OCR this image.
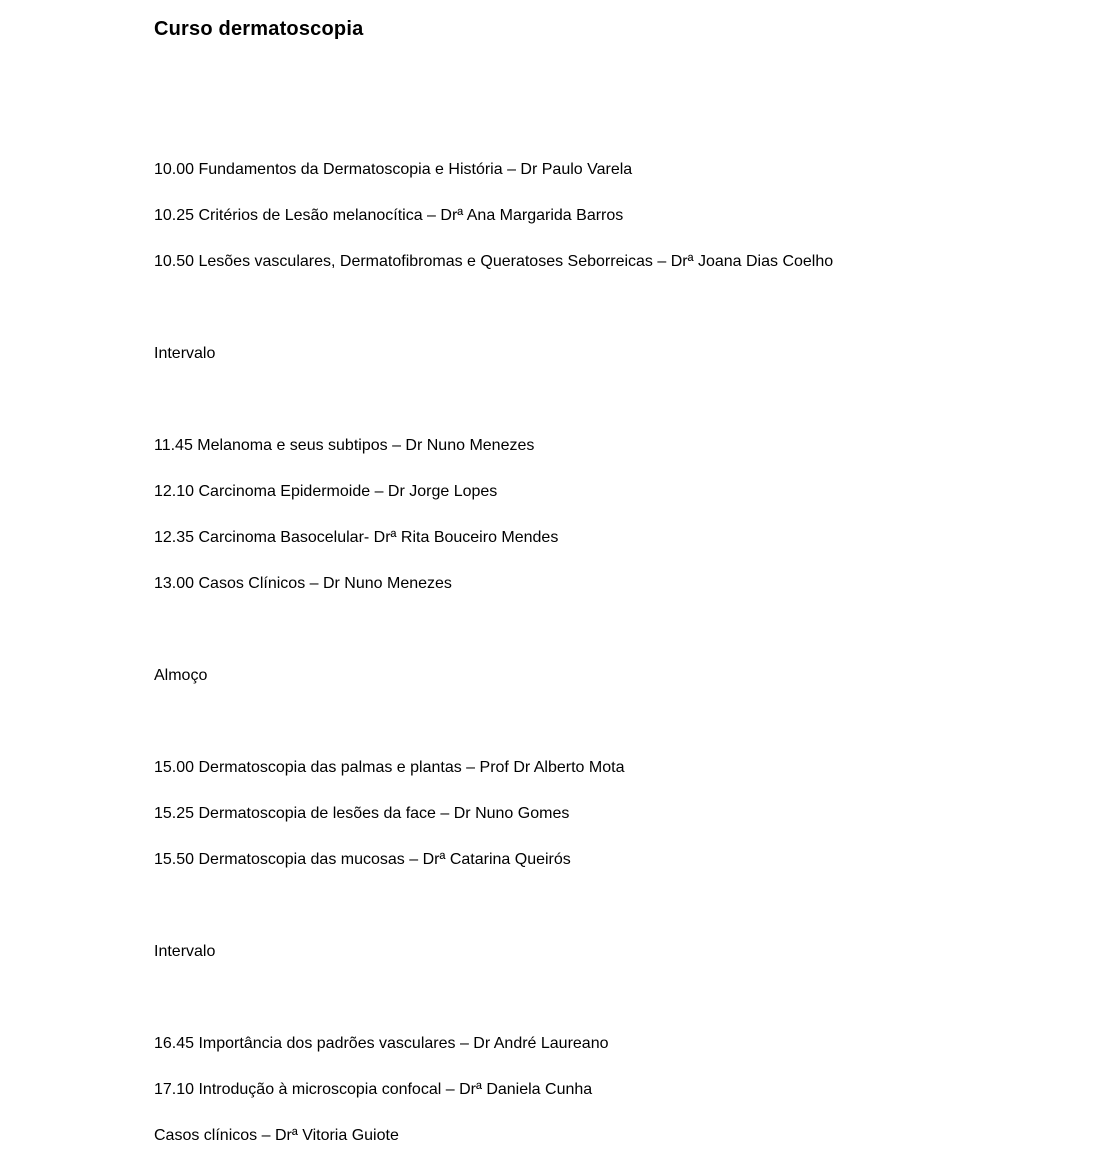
Curso dermatoscopia
10.00 Fundamentos da Dermatoscopia e História – Dr Paulo Varela
10.25 Critérios de Lesão melanocítica – Drª Ana Margarida Barros
10.50 Lesões vasculares, Dermatofibromas e Queratoses Seborreicas – Drª Joana Dias Coelho
Intervalo
11.45 Melanoma e seus subtipos – Dr Nuno Menezes
12.10 Carcinoma Epidermoide – Dr Jorge Lopes
12.35 Carcinoma Basocelular- Drª Rita Bouceiro Mendes
13.00 Casos Clínicos – Dr Nuno Menezes
Almoço
15.00 Dermatoscopia das palmas e plantas – Prof Dr Alberto Mota
15.25 Dermatoscopia de lesões da face – Dr Nuno Gomes
15.50 Dermatoscopia das mucosas – Drª Catarina Queirós
Intervalo
16.45 Importância dos padrões vasculares – Dr André Laureano
17.10 Introdução à microscopia confocal – Drª Daniela Cunha
Casos clínicos – Drª Vitoria Guiote
